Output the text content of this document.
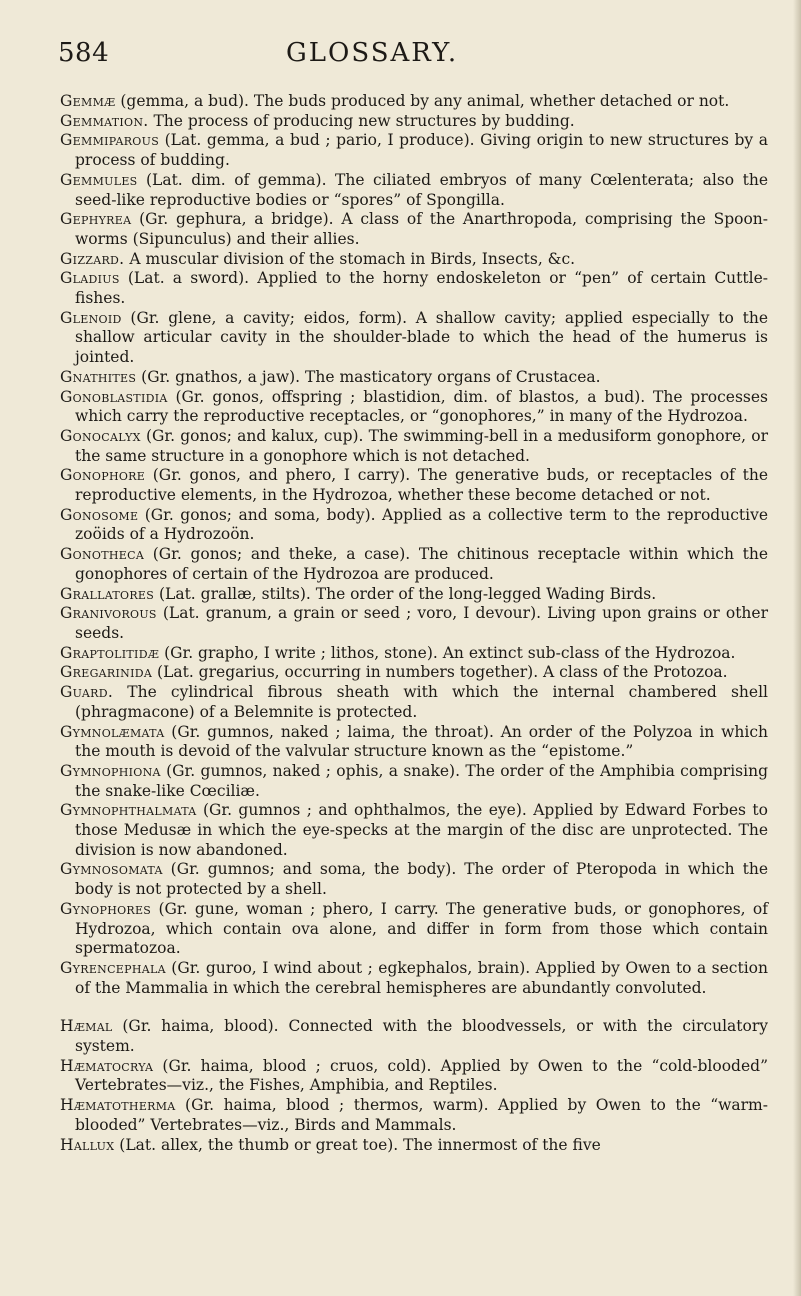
584	GLOSSARY.

Gemmæ (gemma, a bud). The buds produced by any animal, whether detached or not.

Gemmation. The process of producing new structures by budding.

Gemmiparous (Lat. gemma, a bud ; pario, I produce). Giving origin to new structures by a process of budding.

Gemmules (Lat. dim. of gemma). The ciliated embryos of many Cœlenterata; also the seed-like reproductive bodies or “spores” of Spongilla.

Gephyrea (Gr. gephura, a bridge). A class of the Anarthropoda, comprising the Spoon-worms (Sipunculus) and their allies.

Gizzard. A muscular division of the stomach in Birds, Insects, &c.

Gladius (Lat. a sword). Applied to the horny endoskeleton or “pen” of certain Cuttle-fishes.

Glenoid (Gr. glene, a cavity; eidos, form). A shallow cavity; applied especially to the shallow articular cavity in the shoulder-blade to which the head of the humerus is jointed.

Gnathites (Gr. gnathos, a jaw). The masticatory organs of Crustacea.

Gonoblastidia (Gr. gonos, offspring ; blastidion, dim. of blastos, a bud). The processes which carry the reproductive receptacles, or “gonophores,” in many of the Hydrozoa.

Gonocalyx (Gr. gonos; and kalux, cup). The swimming-bell in a medusiform gonophore, or the same structure in a gonophore which is not detached.

Gonophore (Gr. gonos, and phero, I carry). The generative buds, or receptacles of the reproductive elements, in the Hydrozoa, whether these become detached or not.

Gonosome (Gr. gonos; and soma, body). Applied as a collective term to the reproductive zoöids of a Hydrozoön.

Gonotheca (Gr. gonos; and theke, a case). The chitinous receptacle within which the gonophores of certain of the Hydrozoa are produced.

Grallatores (Lat. grallæ, stilts). The order of the long-legged Wading Birds.

Granivorous (Lat. granum, a grain or seed ; voro, I devour). Living upon grains or other seeds.

Graptolitidæ (Gr. grapho, I write ; lithos, stone). An extinct sub-class of the Hydrozoa.

Gregarinida (Lat. gregarius, occurring in numbers together). A class of the Protozoa.

Guard. The cylindrical fibrous sheath with which the internal chambered shell (phragmacone) of a Belemnite is protected.

Gymnolæmata (Gr. gumnos, naked ; laima, the throat). An order of the Polyzoa in which the mouth is devoid of the valvular structure known as the “epistome.”

Gymnophiona (Gr. gumnos, naked ; ophis, a snake). The order of the Amphibia comprising the snake-like Cœciliæ.

Gymnophthalmata (Gr. gumnos ; and ophthalmos, the eye). Applied by Edward Forbes to those Medusæ in which the eye-specks at the margin of the disc are unprotected. The division is now abandoned.

Gymnosomata (Gr. gumnos; and soma, the body). The order of Pteropoda in which the body is not protected by a shell.

Gynophores (Gr. gune, woman ; phero, I carry. The generative buds, or gonophores, of Hydrozoa, which contain ova alone, and differ in form from those which contain spermatozoa.

Gyrencephala (Gr. guroo, I wind about ; egkephalos, brain). Applied by Owen to a section of the Mammalia in which the cerebral hemispheres are abundantly convoluted.

Hæmal (Gr. haima, blood). Connected with the bloodvessels, or with the circulatory system.

Hæmatocrya (Gr. haima, blood ; cruos, cold). Applied by Owen to the “cold-blooded” Vertebrates—viz., the Fishes, Amphibia, and Reptiles.

Hæmatotherma (Gr. haima, blood ; thermos, warm). Applied by Owen to the “warm-blooded” Vertebrates—viz., Birds and Mammals.

Hallux (Lat. allex, the thumb or great toe). The innermost of the five
